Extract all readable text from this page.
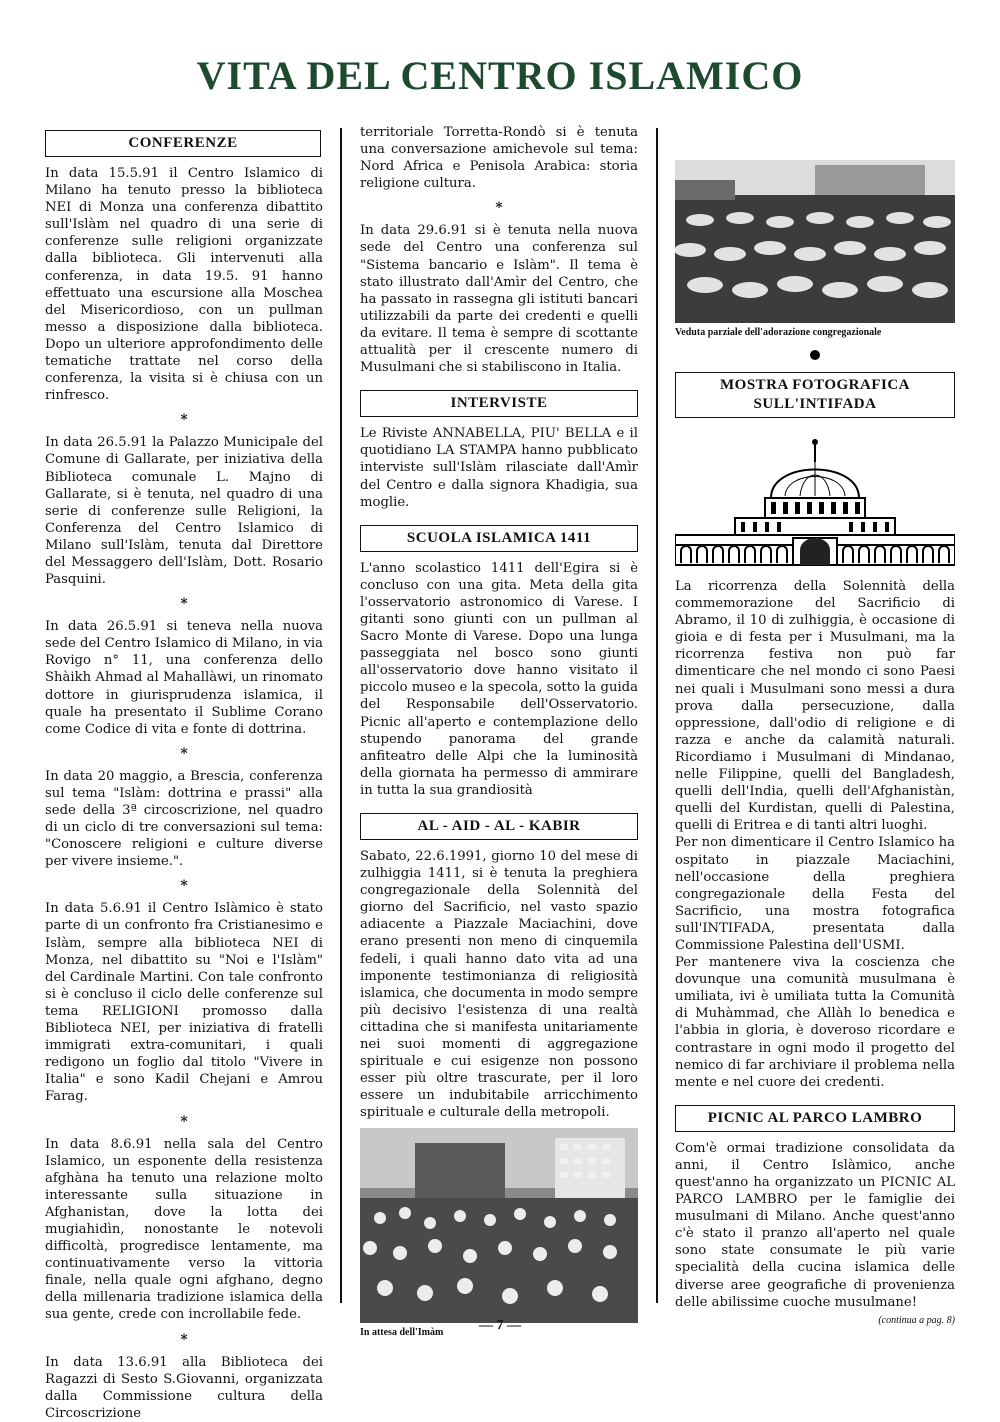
VITA DEL CENTRO ISLAMICO
CONFERENZE

In data 15.5.91 il Centro Islamico di Milano ha tenuto presso la biblioteca NEI di Monza una conferenza dibattito sull'Islàm nel quadro di una serie di conferenze sulle religioni organizzate dalla biblioteca. Gli intervenuti alla conferenza, in data 19.5. 91 hanno effettuato una escursione alla Moschea del Misericordioso, con un pullman messo a disposizione dalla biblioteca. Dopo un ulteriore approfondimento delle tematiche trattate nel corso della conferenza, la visita si è chiusa con un rinfresco.

*

In data 26.5.91 la Palazzo Municipale del Comune di Gallarate, per iniziativa della Biblioteca comunale L. Majno di Gallarate, si è tenuta, nel quadro di una serie di conferenze sulle Religioni, la Conferenza del Centro Islamico di Milano sull'Islàm, tenuta dal Direttore del Messaggero dell'Islàm, Dott. Rosario Pasquini.

*

In data 26.5.91 si teneva nella nuova sede del Centro Islamico di Milano, in via Rovigo n° 11, una conferenza dello Shàikh Ahmad al Mahallàwi, un rinomato dottore in giurisprudenza islamica, il quale ha presentato il Sublime Corano come Codice di vita e fonte di dottrina.

*

In data 20 maggio, a Brescia, conferenza sul tema "Islàm: dottrina e prassi" alla sede della 3ª circoscrizione, nel quadro di un ciclo di tre conversazioni sul tema: "Conoscere religioni e culture diverse per vivere insieme.".

*

In data 5.6.91 il Centro Islàmico è stato parte di un confronto fra Cristianesimo e Islàm, sempre alla biblioteca NEI di Monza, nel dibattito su "Noi e l'Islàm" del Cardinale Martini. Con tale confronto si è concluso il ciclo delle conferenze sul tema RELIGIONI promosso dalla Biblioteca NEI, per iniziativa di fratelli immigrati extra-comunitari, i quali redigono un foglio dal titolo "Vivere in Italia" e sono Kadil Chejani e Amrou Farag.

*

In data 8.6.91 nella sala del Centro Islamico, un esponente della resistenza afghàna ha tenuto una relazione molto interessante sulla situazione in Afghanistan, dove la lotta dei mugiahidìn, nonostante le notevoli difficoltà, progredisce lentamente, ma continuativamente verso la vittoria finale, nella quale ogni afghano, degno della millenaria tradizione islamica della sua gente, crede con incrollabile fede.

*

In data 13.6.91 alla Biblioteca dei Ragazzi di Sesto S.Giovanni, organizzata dalla Commissione cultura della Circoscrizione

territoriale Torretta-Rondò si è tenuta una conversazione amichevole sul tema: Nord Africa e Penisola Arabica: storia religione cultura.

*

In data 29.6.91 si è tenuta nella nuova sede del Centro una conferenza sul "Sistema bancario e Islàm". Il tema è stato illustrato dall'Amìr del Centro, che ha passato in rassegna gli istituti bancari utilizzabili da parte dei credenti e quelli da evitare. Il tema è sempre di scottante attualità per il crescente numero di Musulmani che si stabiliscono in Italia.

INTERVISTE

Le Riviste ANNABELLA, PIU' BELLA e il quotidiano LA STAMPA hanno pubblicato interviste sull'Islàm rilasciate dall'Amìr del Centro e dalla signora Khadigia, sua moglie.

SCUOLA ISLAMICA 1411

L'anno scolastico 1411 dell'Egira si è concluso con una gita. Meta della gita l'osservatorio astronomico di Varese. I gitanti sono giunti con un pullman al Sacro Monte di Varese. Dopo una lunga passeggiata nel bosco sono giunti all'osservatorio dove hanno visitato il piccolo museo e la specola, sotto la guida del Responsabile dell'Osservatorio. Picnic all'aperto e contemplazione dello stupendo panorama del grande anfiteatro delle Alpi che la luminosità della giornata ha permesso di ammirare in tutta la sua grandiosità

AL - AID - AL - KABIR

Sabato, 22.6.1991, giorno 10 del mese di zulhiggia 1411, si è tenuta la preghiera congregazionale della Solennità del giorno del Sacrificio, nel vasto spazio adiacente a Piazzale Maciachini, dove erano presenti non meno di cinquemila fedeli, i quali hanno dato vita ad una imponente testimonianza di religiosità islamica, che documenta in modo sempre più decisivo l'esistenza di una realtà cittadina che si manifesta unitariamente nei suoi momenti di aggregazione spirituale e cui esigenze non possono esser più oltre trascurate, per il loro essere un indubitabile arricchimento spirituale e culturale della metropoli.

In attesa dell'Imàm
Veduta parziale dell'adorazione congregazionale
MOSTRA FOTOGRAFICA
SULL'INTIFADA

La ricorrenza della Solennità della commemorazione del Sacrificio di Abramo, il 10 di zulhiggia, è occasione di gioia e di festa per i Musulmani, ma la ricorrenza festiva non può far dimenticare che nel mondo ci sono Paesi nei quali i Musulmani sono messi a dura prova dalla persecuzione, dalla oppressione, dall'odio di religione e di razza e anche da calamità naturali. Ricordiamo i Musulmani di Mindanao, nelle Filippine, quelli del Bangladesh, quelli dell'India, quelli dell'Afghanistàn, quelli del Kurdistan, quelli di Palestina, quelli di Eritrea e di tanti altri luoghi.

Per non dimenticare il Centro Islamico ha ospitato in piazzale Maciachini, nell'occasione della preghiera congregazionale della Festa del Sacrificio, una mostra fotografica sull'INTIFADA, presentata dalla Commissione Palestina dell'USMI.

Per mantenere viva la coscienza che dovunque una comunità musulmana è umiliata, ivi è umiliata tutta la Comunità di Muhàmmad, che Allàh lo benedica e l'abbia in gloria, è doveroso ricordare e contrastare in ogni modo il progetto del nemico di far archiviare il problema nella mente e nel cuore dei credenti.

PICNIC AL PARCO LAMBRO

Com'è ormai tradizione consolidata da anni, il Centro Islàmico, anche quest'anno ha organizzato un PICNIC AL PARCO LAMBRO per le famiglie dei musulmani di Milano. Anche quest'anno c'è stato il pranzo all'aperto nel quale sono state consumate le più varie specialità della cucina islamica delle diverse aree geografiche di provenienza delle abilissime cuoche musulmane!

(continua a pag. 8)
— 7 —
